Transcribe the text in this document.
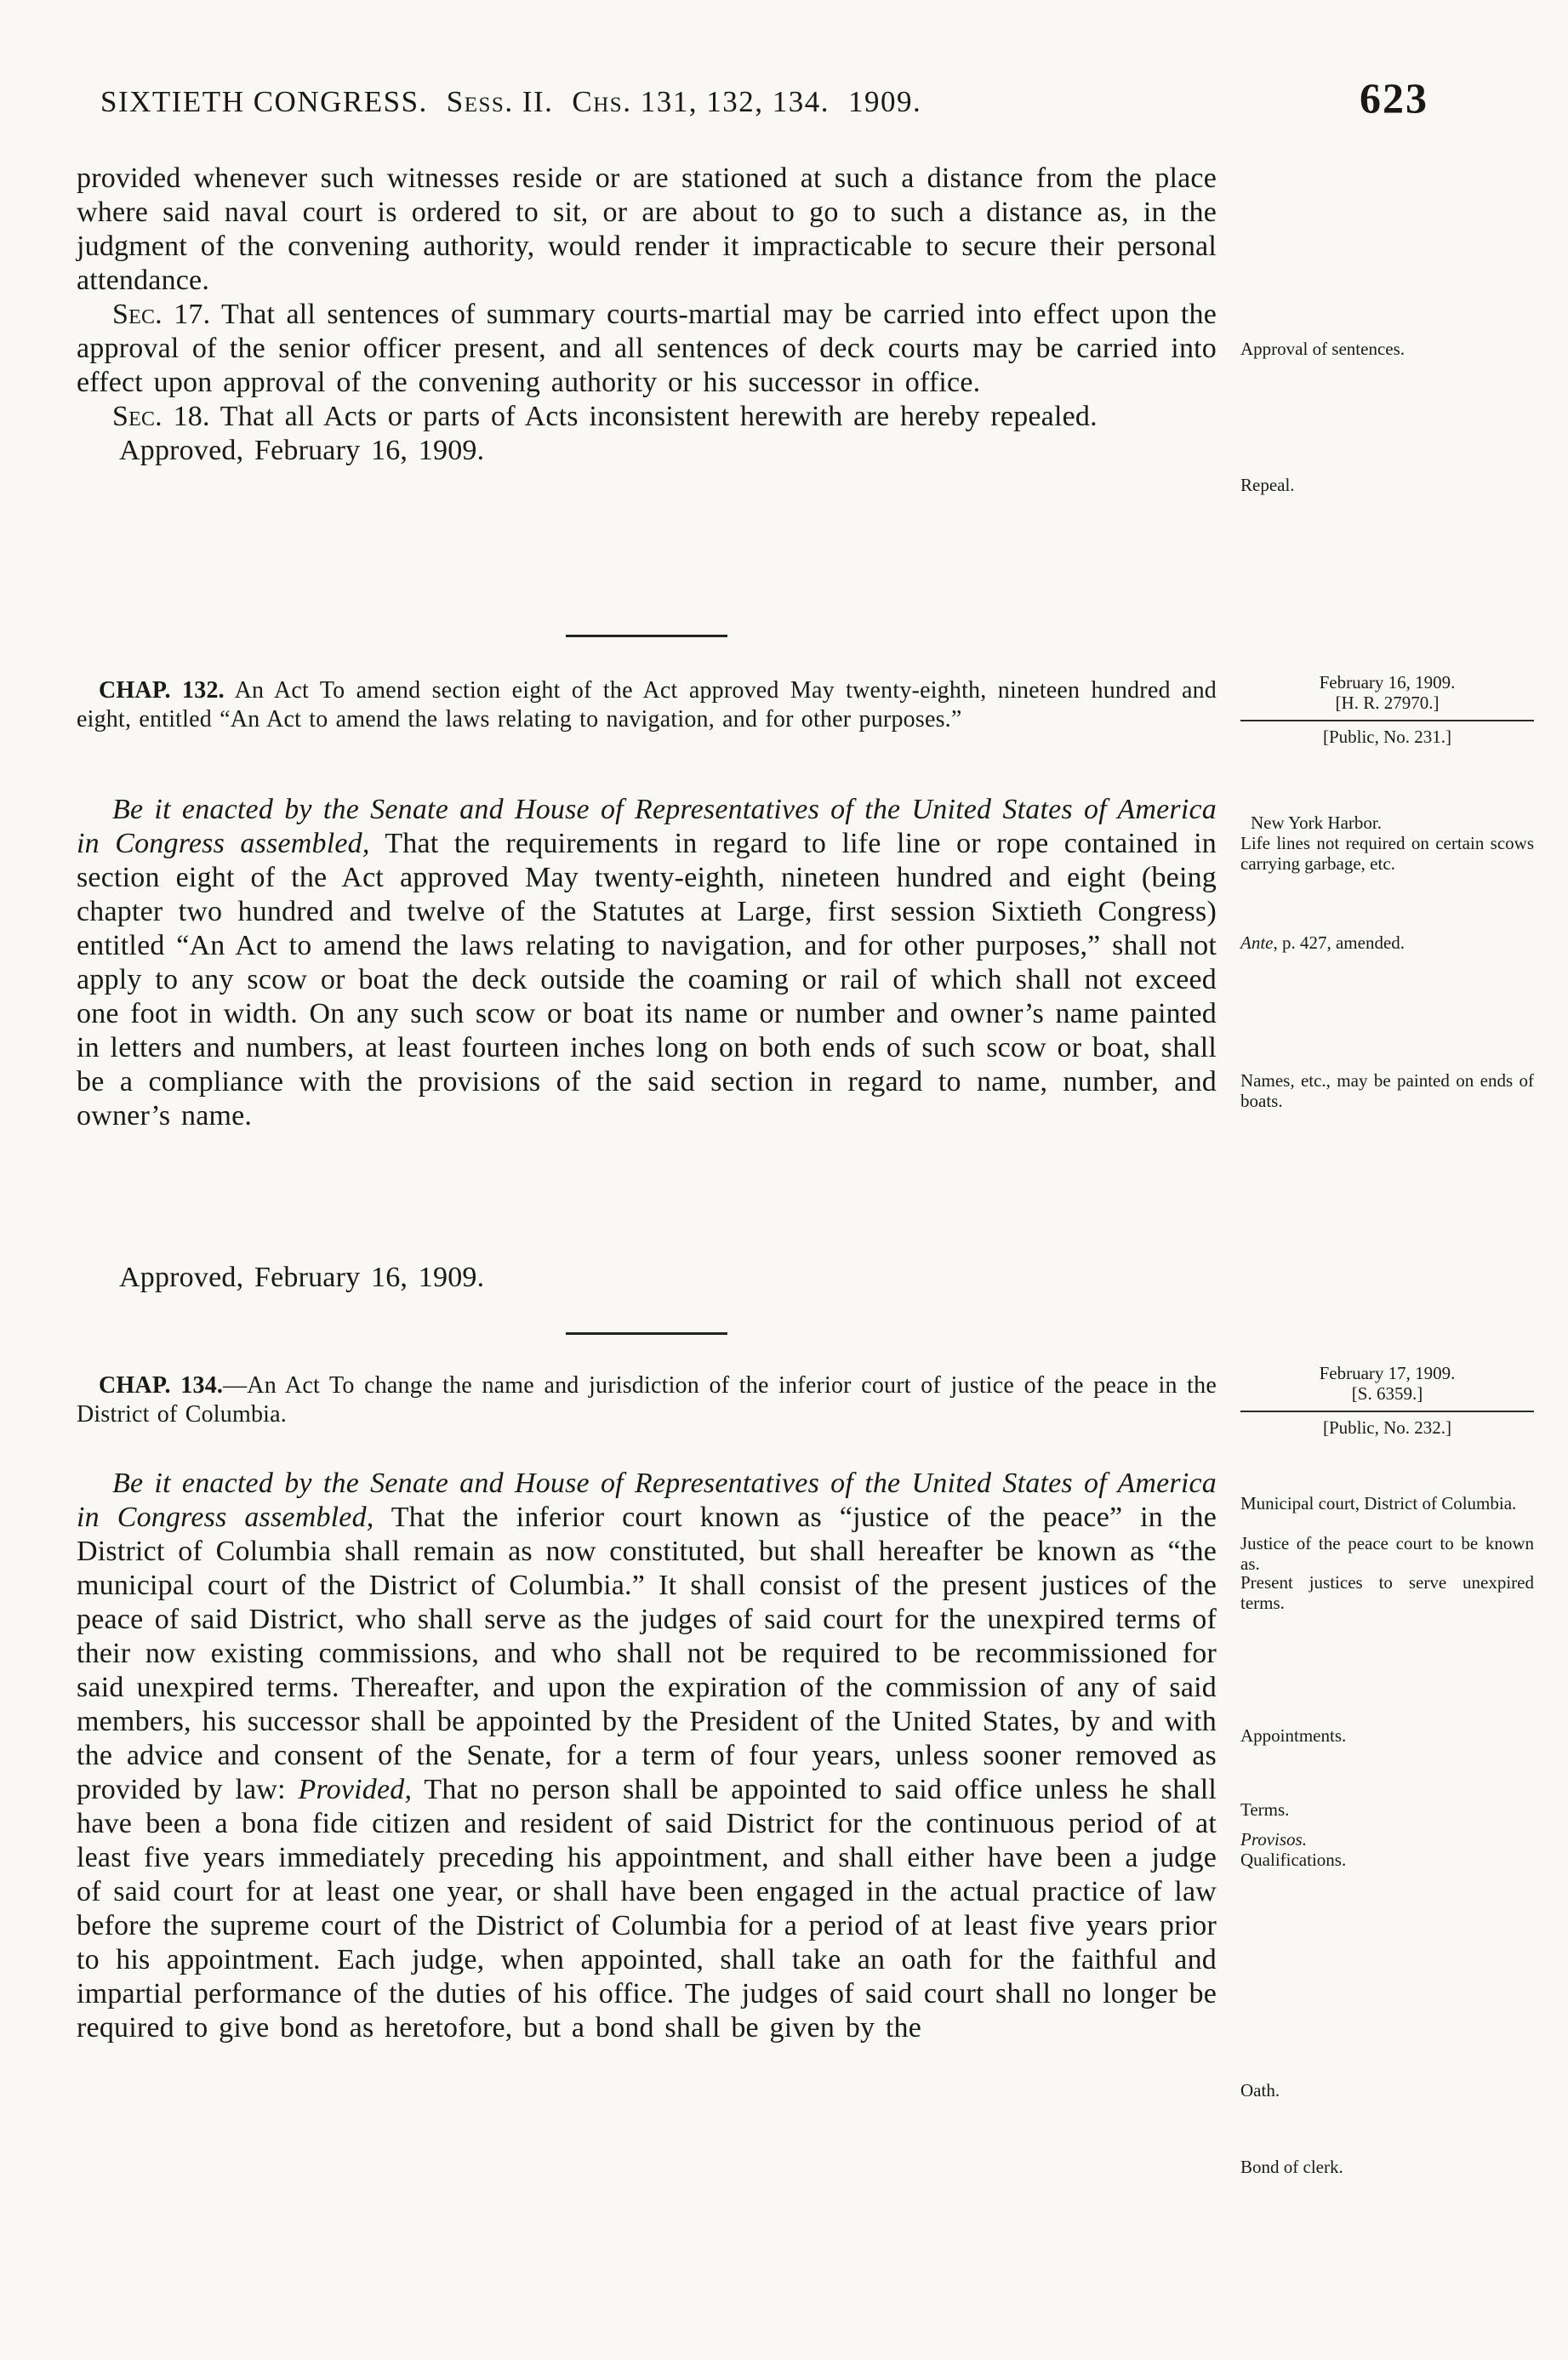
SIXTIETH CONGRESS. Sess. II. Chs. 131, 132, 134. 1909.	623

provided whenever such witnesses reside or are stationed at such a distance from the place where said naval court is ordered to sit, or are about to go to such a distance as, in the judgment of the convening authority, would render it impracticable to secure their personal attendance.

Sec. 17. That all sentences of summary courts-martial may be carried into effect upon the approval of the senior officer present, and all sentences of deck courts may be carried into effect upon approval of the convening authority or his successor in office.

Sec. 18. That all Acts or parts of Acts inconsistent herewith are hereby repealed.

Approved, February 16, 1909.

CHAP. 132. An Act To amend section eight of the Act approved May twenty-eighth, nineteen hundred and eight, entitled “An Act to amend the laws relating to navigation, and for other purposes.”

Be it enacted by the Senate and House of Representatives of the United States of America in Congress assembled, That the requirements in regard to life line or rope contained in section eight of the Act approved May twenty-eighth, nineteen hundred and eight (being chapter two hundred and twelve of the Statutes at Large, first session Sixtieth Congress) entitled “An Act to amend the laws relating to navigation, and for other purposes,” shall not apply to any scow or boat the deck outside the coaming or rail of which shall not exceed one foot in width. On any such scow or boat its name or number and owner’s name painted in letters and numbers, at least fourteen inches long on both ends of such scow or boat, shall be a compliance with the provisions of the said section in regard to name, number, and owner’s name.

Approved, February 16, 1909.
CHAP. 134.—An Act To change the name and jurisdiction of the inferior court of justice of the peace in the District of Columbia.

Be it enacted by the Senate and House of Representatives of the United States of America in Congress assembled, That the inferior court known as “justice of the peace” in the District of Columbia shall remain as now constituted, but shall hereafter be known as “the municipal court of the District of Columbia.” It shall consist of the present justices of the peace of said District, who shall serve as the judges of said court for the unexpired terms of their now existing commissions, and who shall not be required to be recommissioned for said unexpired terms. Thereafter, and upon the expiration of the commission of any of said members, his successor shall be appointed by the President of the United States, by and with the advice and consent of the Senate, for a term of four years, unless sooner removed as provided by law: Provided, That no person shall be appointed to said office unless he shall have been a bona fide citizen and resident of said District for the continuous period of at least five years immediately preceding his appointment, and shall either have been a judge of said court for at least one year, or shall have been engaged in the actual practice of law before the supreme court of the District of Columbia for a period of at least five years prior to his appointment. Each judge, when appointed, shall take an oath for the faithful and impartial performance of the duties of his office. The judges of said court shall no longer be required to give bond as heretofore, but a bond shall be given by the

Approval of sentences.
Repeal.
February 16, 1909.
[H. R. 27970.]
[Public, No. 231.]
New York Harbor.
Life lines not required on certain scows carrying garbage, etc.
Ante, p. 427, amended.
Names, etc., may be painted on ends of boats.
February 17, 1909.
[S. 6359.]
[Public, No. 232.]
Municipal court, District of Columbia.
Justice of the peace court to be known as.
Present justices to serve unexpired terms.
Appointments.
Terms.
Provisos.
Qualifications.
Oath.
Bond of clerk.
